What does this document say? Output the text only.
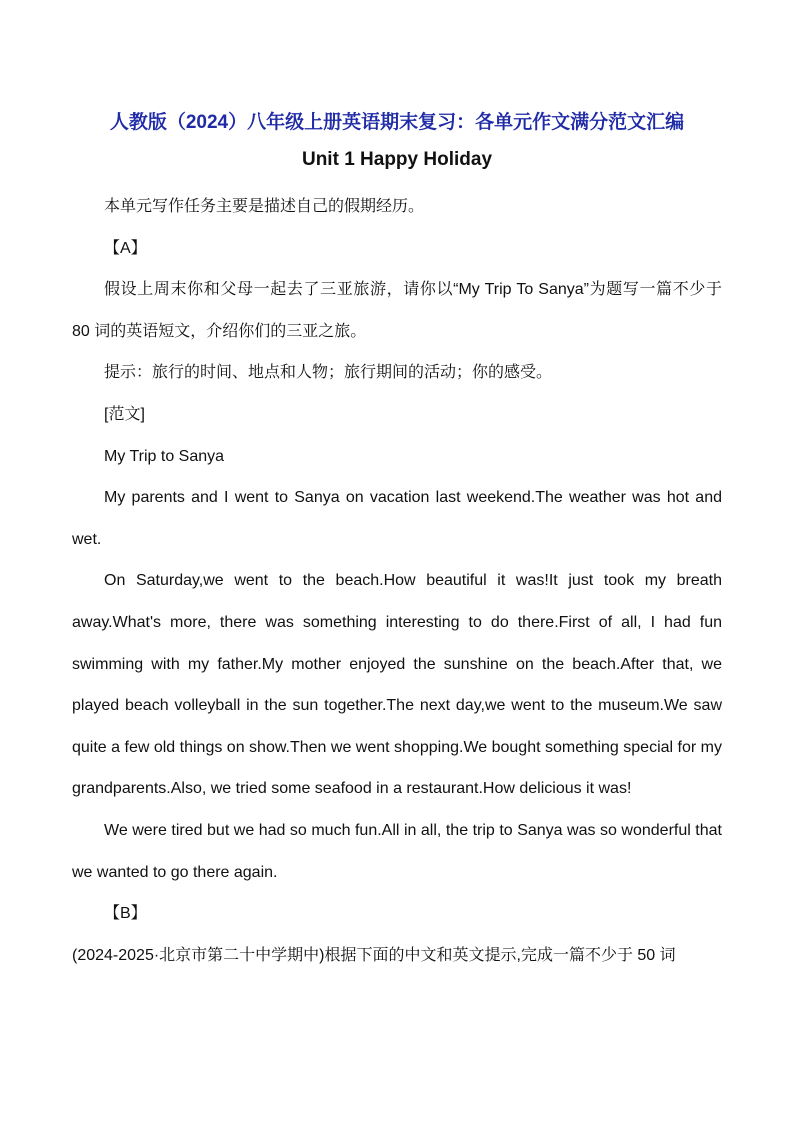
人教版（2024）八年级上册英语期末复习：各单元作文满分范文汇编
Unit 1 Happy Holiday

本单元写作任务主要是描述自己的假期经历。

【A】

假设上周末你和父母一起去了三亚旅游，请你以“My Trip To Sanya”为题写一篇不少于 80 词的英语短文，介绍你们的三亚之旅。

提示：旅行的时间、地点和人物；旅行期间的活动；你的感受。

[范文]

My Trip to Sanya

My parents and I went to Sanya on vacation last weekend.The weather was hot and wet.

On Saturday,we went to the beach.How beautiful it was!It just took my breath away.What's more, there was something interesting to do there.First of all, I had fun swimming with my father.My mother enjoyed the sunshine on the beach.After that, we played beach volleyball in the sun together.The next day,we went to the museum.We saw quite a few old things on show.Then we went shopping.We bought something special for my grandparents.Also, we tried some seafood in a restaurant.How delicious it was!

We were tired but we had so much fun.All in all, the trip to Sanya was so wonderful that we wanted to go there again.

【B】

(2024-2025·北京市第二十中学期中)根据下面的中文和英文提示,完成一篇不少于 50 词
